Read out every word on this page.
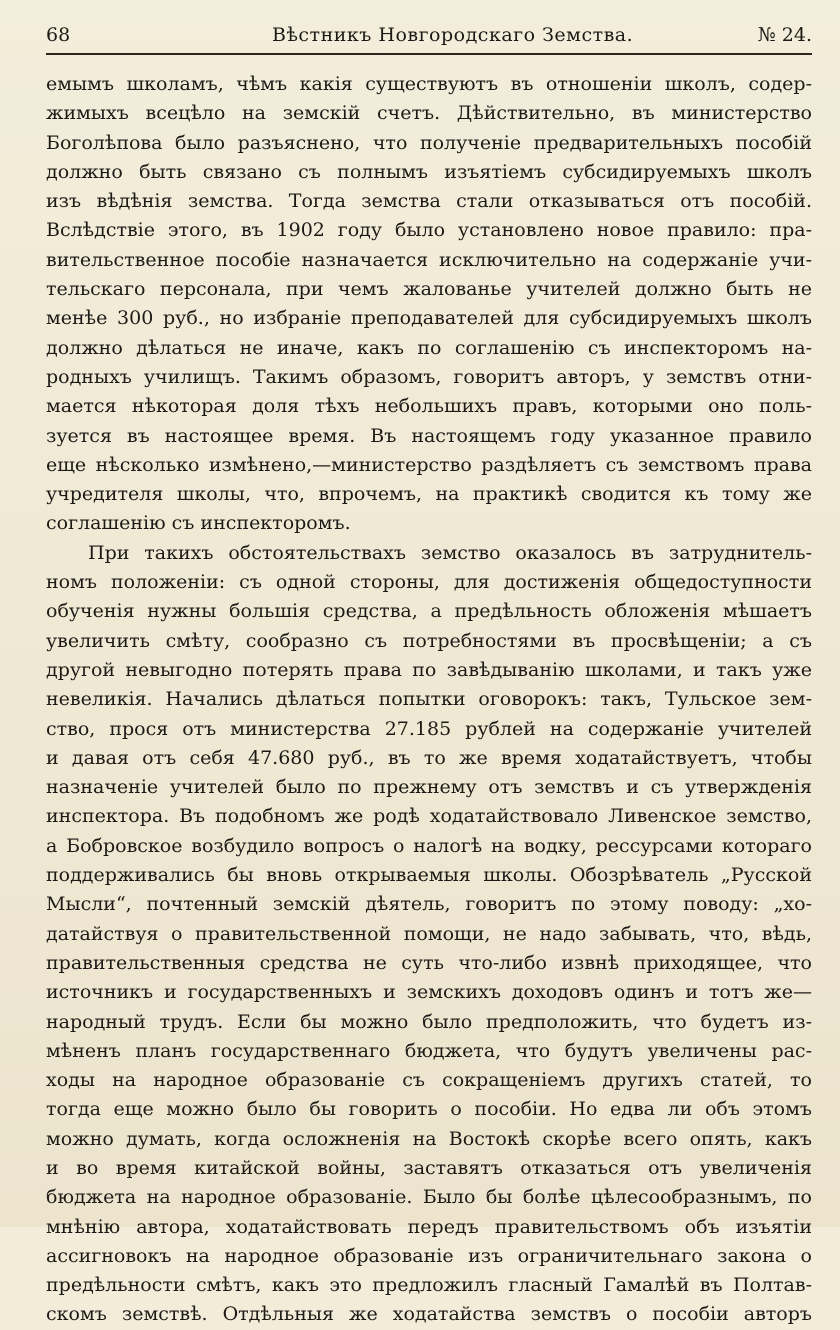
68	Вѣстникъ Новгородскаго Земства.	№ 24.
емымъ школамъ, чѣмъ какія существуютъ въ отношеніи школъ, содер-
жимыхъ всецѣло на земскій счетъ. Дѣйствительно, въ министерство
Боголѣпова было разъяснено, что полученіе предварительныхъ пособій
должно быть связано съ полнымъ изъятіемъ субсидируемыхъ школъ
изъ вѣдѣнія земства. Тогда земства стали отказываться отъ пособій.
Вслѣдствіе этого, въ 1902 году было установлено новое правило: пра-
вительственное пособіе назначается исключительно на содержаніе учи-
тельскаго персонала, при чемъ жалованье учителей должно быть не
менѣе 300 руб., но избраніе преподавателей для субсидируемыхъ школъ
должно дѣлаться не иначе, какъ по соглашенію съ инспекторомъ на-
родныхъ училищъ. Такимъ образомъ, говоритъ авторъ, у земствъ отни-
мается нѣкоторая доля тѣхъ небольшихъ правъ, которыми оно поль-
зуется въ настоящее время. Въ настоящемъ году указанное правило
еще нѣсколько измѣнено,—министерство раздѣляетъ съ земствомъ права
учредителя школы, что, впрочемъ, на практикѣ сводится къ тому же
соглашенію съ инспекторомъ.
При такихъ обстоятельствахъ земство оказалось въ затруднитель-
номъ положеніи: съ одной стороны, для достиженія общедоступности
обученія нужны большія средства, а предѣльность обложенія мѣшаетъ
увеличить смѣту, сообразно съ потребностями въ просвѣщеніи; а съ
другой невыгодно потерять права по завѣдыванію школами, и такъ уже
невеликія. Начались дѣлаться попытки оговорокъ: такъ, Тульское зем-
ство, прося отъ министерства 27.185 рублей на содержаніе учителей
и давая отъ себя 47.680 руб., въ то же время ходатайствуетъ, чтобы
назначеніе учителей было по прежнему отъ земствъ и съ утвержденія
инспектора. Въ подобномъ же родѣ ходатайствовало Ливенское земство,
а Бобровское возбудило вопросъ о налогѣ на водку, рессурсами котораго
поддерживались бы вновь открываемыя школы. Обозрѣватель „Русской
Мысли“, почтенный земскій дѣятель, говоритъ по этому поводу: „хо-
датайствуя о правительственной помощи, не надо забывать, что, вѣдь,
правительственныя средства не суть что-либо извнѣ приходящее, что
источникъ и государственныхъ и земскихъ доходовъ одинъ и тотъ же—
народный трудъ. Если бы можно было предположить, что будетъ из-
мѣненъ планъ государственнаго бюджета, что будутъ увеличены рас-
ходы на народное образованіе съ сокращеніемъ другихъ статей, то
тогда еще можно было бы говорить о пособіи. Но едва ли объ этомъ
можно думать, когда осложненія на Востокѣ скорѣе всего опять, какъ
и во время китайской войны, заставятъ отказаться отъ увеличенія
бюджета на народное образованіе. Было бы болѣе цѣлесообразнымъ, по
мнѣнію автора, ходатайствовать передъ правительствомъ объ изъятіи
ассигновокъ на народное образованіе изъ ограничительнаго закона о
предѣльности смѣтъ, какъ это предложилъ гласный Гамалѣй въ Полтав-
скомъ земствѣ. Отдѣльныя же ходатайства земствъ о пособіи авторъ
